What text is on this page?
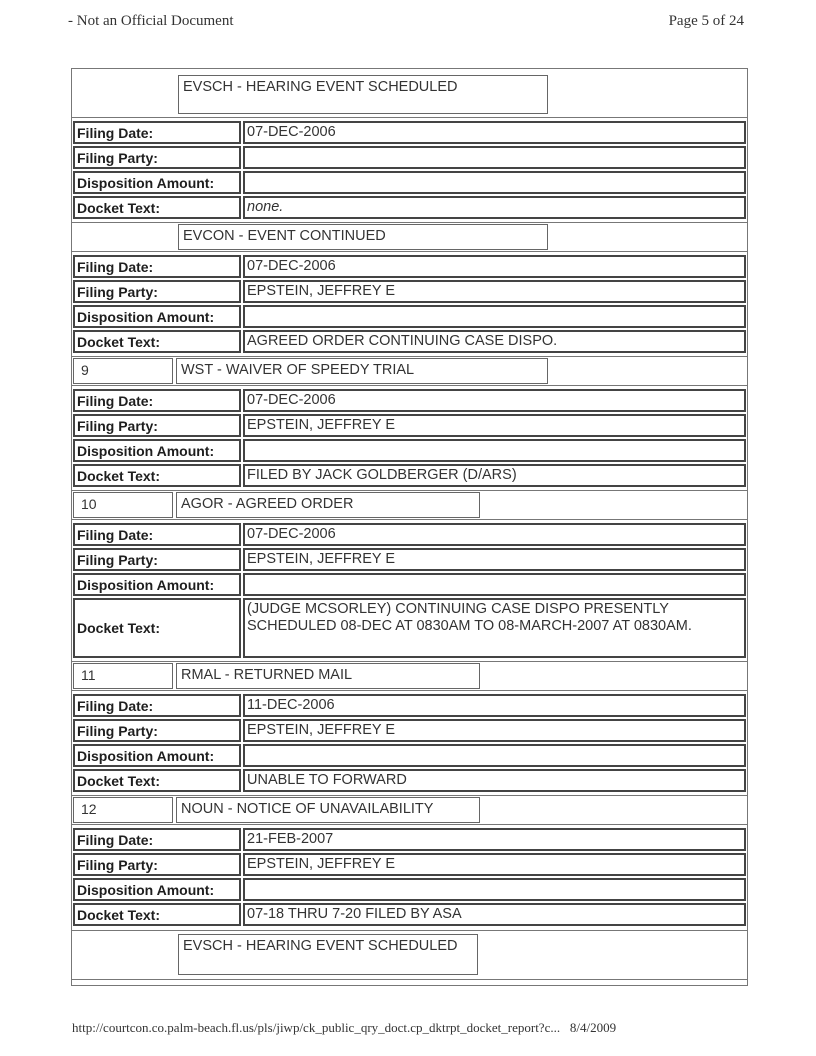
- Not an Official Document	Page 5 of 24
EVSCH - HEARING EVENT SCHEDULED
Filing Date:	07-DEC-2006
Filing Party:
Disposition Amount:
Docket Text:	none.
EVCON - EVENT CONTINUED
Filing Date:	07-DEC-2006
Filing Party:	EPSTEIN, JEFFREY E
Disposition Amount:
Docket Text:	AGREED ORDER CONTINUING CASE DISPO.
9	WST - WAIVER OF SPEEDY TRIAL
Filing Date:	07-DEC-2006
Filing Party:	EPSTEIN, JEFFREY E
Disposition Amount:
Docket Text:	FILED BY JACK GOLDBERGER (D/ARS)
10	AGOR - AGREED ORDER
Filing Date:	07-DEC-2006
Filing Party:	EPSTEIN, JEFFREY E
Disposition Amount:
Docket Text:
(JUDGE MCSORLEY) CONTINUING CASE DISPO PRESENTLY SCHEDULED 08-DEC AT 0830AM TO 08-MARCH-2007 AT 0830AM.
11	RMAL - RETURNED MAIL
Filing Date:	11-DEC-2006
Filing Party:	EPSTEIN, JEFFREY E
Disposition Amount:
Docket Text:	UNABLE TO FORWARD
12	NOUN - NOTICE OF UNAVAILABILITY
Filing Date:	21-FEB-2007
Filing Party:	EPSTEIN, JEFFREY E
Disposition Amount:
Docket Text:	07-18 THRU 7-20 FILED BY ASA
EVSCH - HEARING EVENT SCHEDULED
http://courtcon.co.palm-beach.fl.us/pls/jiwp/ck_public_qry_doct.cp_dktrpt_docket_report?c... 8/4/2009
